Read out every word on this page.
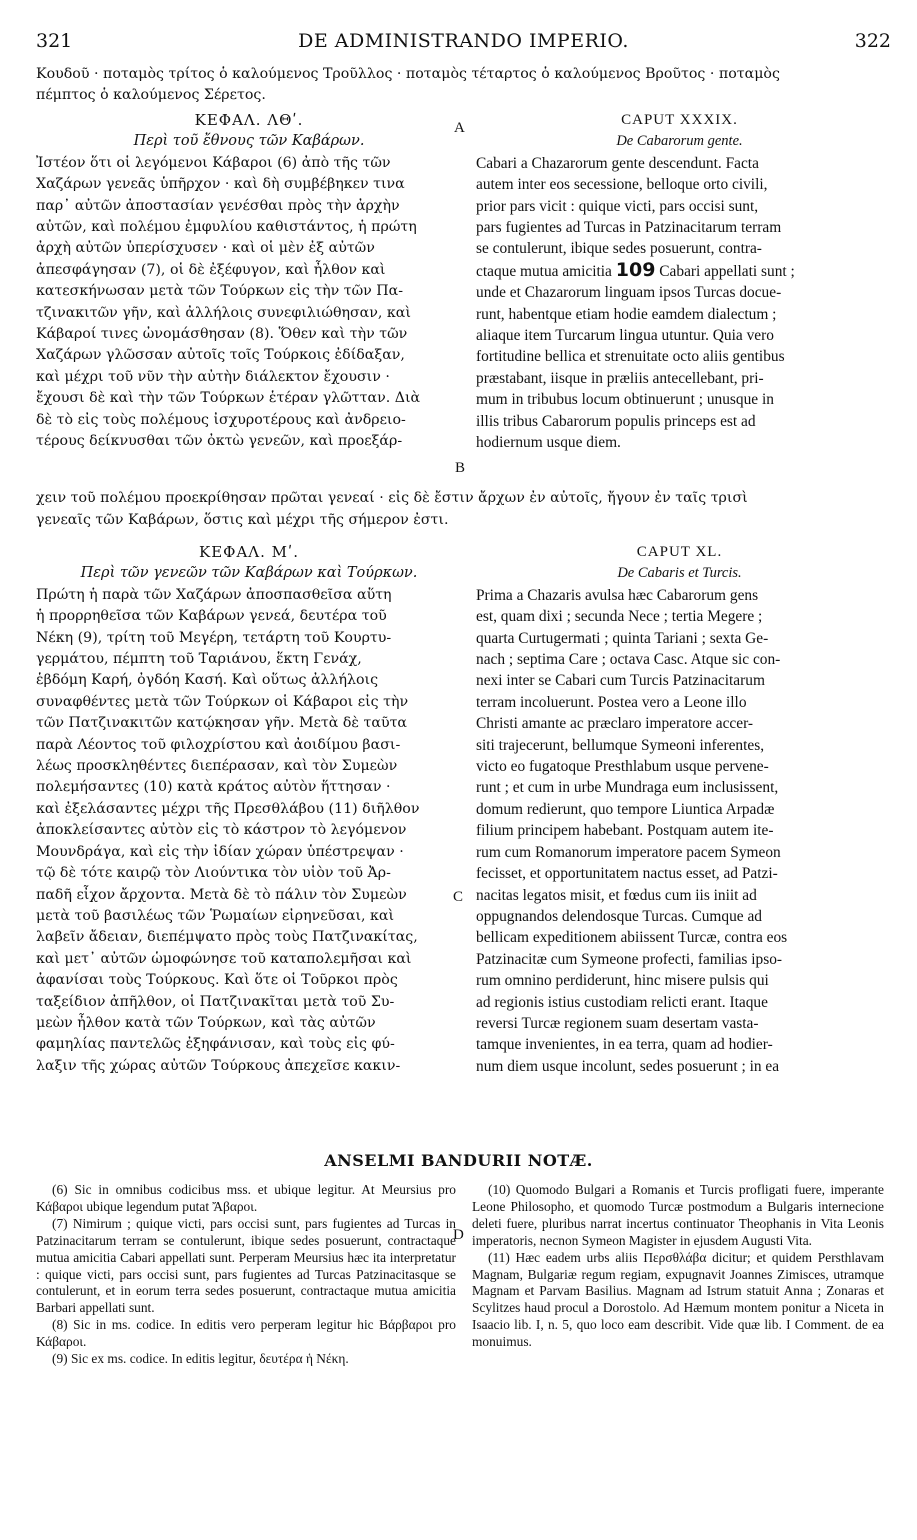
321	DE ADMINISTRANDO IMPERIO.	322
Κουδοῦ · ποταμὸς τρίτος ὁ καλούμενος Τροῦλλος · ποταμὸς τέταρτος ὁ καλούμενος Βροῦτος · ποταμὸς
πέμπτος ὁ καλούμενος Σέρετος.
A
B
C
D

ΚΕΦΑΛ. ΛΘʹ.

Περὶ τοῦ ἔθνους τῶν Καβάρων.

Ἰστέον ὅτι οἱ λεγόμενοι Κάβαροι (6) ἀπὸ τῆς τῶν
Χαζάρων γενεᾶς ὑπῆρχον · καὶ δὴ συμβέβηκεν τινα
παρ᾽ αὐτῶν ἀποστασίαν γενέσθαι πρὸς τὴν ἀρχὴν
αὐτῶν, καὶ πολέμου ἐμφυλίου καθιστάντος, ἡ πρώτη
ἀρχὴ αὐτῶν ὑπερίσχυσεν · καὶ οἱ μὲν ἐξ αὐτῶν
ἀπεσφάγησαν (7), οἱ δὲ ἐξέφυγον, καὶ ἦλθον καὶ
κατεσκήνωσαν μετὰ τῶν Τούρκων εἰς τὴν τῶν Πα-
τζινακιτῶν γῆν, καὶ ἀλλήλοις συνεφιλιώθησαν, καὶ
Κάβαροί τινες ὠνομάσθησαν (8). Ὅθεν καὶ τὴν τῶν
Χαζάρων γλῶσσαν αὐτοῖς τοῖς Τούρκοις ἐδίδαξαν,
καὶ μέχρι τοῦ νῦν τὴν αὐτὴν διάλεκτον ἔχουσιν ·
ἔχουσι δὲ καὶ τὴν τῶν Τούρκων ἑτέραν γλῶτταν. Διὰ
δὲ τὸ εἰς τοὺς πολέμους ἰσχυροτέρους καὶ ἀνδρειο-
τέρους δείκνυσθαι τῶν ὀκτὼ γενεῶν, καὶ προεξάρ-

CAPUT XXXIX.

De Cabarorum gente.

Cabari a Chazarorum gente descendunt. Facta
autem inter eos secessione, belloque orto civili,
prior pars vicit : quique victi, pars occisi sunt,
pars fugientes ad Turcas in Patzinacitarum terram
se contulerunt, ibique sedes posuerunt, contra-
ctaque mutua amicitia 109 Cabari appellati sunt ;
unde et Chazarorum linguam ipsos Turcas docue-
runt, habentque etiam hodie eamdem dialectum ;
aliaque item Turcarum lingua utuntur. Quia vero
fortitudine bellica et strenuitate octo aliis gentibus
præstabant, iisque in præliis antecellebant, pri-
mum in tribubus locum obtinuerunt ; unusque in
illis tribus Cabarorum populis princeps est ad
hodiernum usque diem.
χειν τοῦ πολέμου προεκρίθησαν πρῶται γενεαί · εἰς δὲ ἔστιν ἄρχων ἐν αὐτοῖς, ἤγουν ἐν ταῖς τρισὶ
γενεαῖς τῶν Καβάρων, ὅστις καὶ μέχρι τῆς σήμερον ἐστι.

ΚΕΦΑΛ. Μʹ.

Περὶ τῶν γενεῶν τῶν Καβάρων καὶ Τούρκων.

Πρώτη ἡ παρὰ τῶν Χαζάρων ἀποσπασθεῖσα αὕτη
ἡ προρρηθεῖσα τῶν Καβάρων γενεά, δευτέρα τοῦ
Νέκη (9), τρίτη τοῦ Μεγέρη, τετάρτη τοῦ Κουρτυ-
γερμάτου, πέμπτη τοῦ Ταριάνου, ἕκτη Γενάχ,
ἑβδόμη Καρή, ὀγδόη Κασή. Καὶ οὕτως ἀλλήλοις
συναφθέντες μετὰ τῶν Τούρκων οἱ Κάβαροι εἰς τὴν
τῶν Πατζινακιτῶν κατῴκησαν γῆν. Μετὰ δὲ ταῦτα
παρὰ Λέοντος τοῦ φιλοχρίστου καὶ ἀοιδίμου βασι-
λέως προσκληθέντες διεπέρασαν, καὶ τὸν Συμεὼν
πολεμήσαντες (10) κατὰ κράτος αὐτὸν ἥττησαν ·
καὶ ἐξελάσαντες μέχρι τῆς Πρεσθλάβου (11) διῆλθον
ἀποκλείσαντες αὐτὸν εἰς τὸ κάστρον τὸ λεγόμενον
Μουνδράγα, καὶ εἰς τὴν ἰδίαν χώραν ὑπέστρεψαν ·
τῷ δὲ τότε καιρῷ τὸν Λιούντικα τὸν υἱὸν τοῦ Ἀρ-
παδῆ εἶχον ἄρχοντα. Μετὰ δὲ τὸ πάλιν τὸν Συμεὼν
μετὰ τοῦ βασιλέως τῶν Ῥωμαίων εἰρηνεῦσαι, καὶ
λαβεῖν ἄδειαν, διεπέμψατο πρὸς τοὺς Πατζινακίτας,
καὶ μετ᾽ αὐτῶν ὡμοφώνησε τοῦ καταπολεμῆσαι καὶ
ἀφανίσαι τοὺς Τούρκους. Καὶ ὅτε οἱ Τοῦρκοι πρὸς
ταξείδιον ἀπῆλθον, οἱ Πατζινακῖται μετὰ τοῦ Συ-
μεὼν ἦλθον κατὰ τῶν Τούρκων, καὶ τὰς αὐτῶν
φαμηλίας παντελῶς ἐξηφάνισαν, καὶ τοὺς εἰς φύ-
λαξιν τῆς χώρας αὐτῶν Τούρκους ἀπεχεῖσε κακιν-

CAPUT XL.

De Cabaris et Turcis.

Prima a Chazaris avulsa hæc Cabarorum gens
est, quam dixi ; secunda Nece ; tertia Megere ;
quarta Curtugermati ; quinta Tariani ; sexta Ge-
nach ; septima Care ; octava Casc. Atque sic con-
nexi inter se Cabari cum Turcis Patzinacitarum
terram incoluerunt. Postea vero a Leone illo
Christi amante ac præclaro imperatore accer-
siti trajecerunt, bellumque Symeoni inferentes,
victo eo fugatoque Presthlabum usque pervene-
runt ; et cum in urbe Mundraga eum inclusissent,
domum redierunt, quo tempore Liuntica Arpadæ
filium principem habebant. Postquam autem ite-
rum cum Romanorum imperatore pacem Symeon
fecisset, et opportunitatem nactus esset, ad Patzi-
nacitas legatos misit, et fœdus cum iis iniit ad
oppugnandos delendosque Turcas. Cumque ad
bellicam expeditionem abiissent Turcæ, contra eos
Patzinacitæ cum Symeone profecti, familias ipso-
rum omnino perdiderunt, hinc misere pulsis qui
ad regionis istius custodiam relicti erant. Itaque
reversi Turcæ regionem suam desertam vasta-
tamque invenientes, in ea terra, quam ad hodier-
num diem usque incolunt, sedes posuerunt ; in ea
ANSELMI BANDURII NOTÆ.

(6) Sic in omnibus codicibus mss. et ubique legitur. At Meursius pro Κάβαροι ubique legendum putat Ἄβαροι.

(7) Nimirum ; quique victi, pars occisi sunt, pars fugientes ad Turcas in Patzinacitarum terram se contulerunt, ibique sedes posuerunt, contractaque mutua amicitia Cabari appellati sunt. Perperam Meursius hæc ita interpretatur : quique victi, pars occisi sunt, pars fugientes ad Turcas Patzinacitasque se contulerunt, et in eorum terra sedes posuerunt, contractaque mutua amicitia Barbari appellati sunt.

(8) Sic in ms. codice. In editis vero perperam legitur hic Βάρβαροι pro Κάβαροι.

(9) Sic ex ms. codice. In editis legitur, δευτέρα ἡ Νέκη.

(10) Quomodo Bulgari a Romanis et Turcis profligati fuere, imperante Leone Philosopho, et quomodo Turcæ postmodum a Bulgaris internecione deleti fuere, pluribus narrat incertus continuator Theophanis in Vita Leonis imperatoris, necnon Symeon Magister in ejusdem Augusti Vita.

(11) Hæc eadem urbs aliis Περσθλάβα dicitur; et quidem Persthlavam Magnam, Bulgariæ regum regiam, expugnavit Joannes Zimisces, utramque Magnam et Parvam Basilius. Magnam ad Istrum statuit Anna ; Zonaras et Scylitzes haud procul a Dorostolo. Ad Hæmum montem ponitur a Niceta in Isaacio lib. I, n. 5, quo loco eam describit. Vide quæ lib. I Comment. de ea monuimus.
